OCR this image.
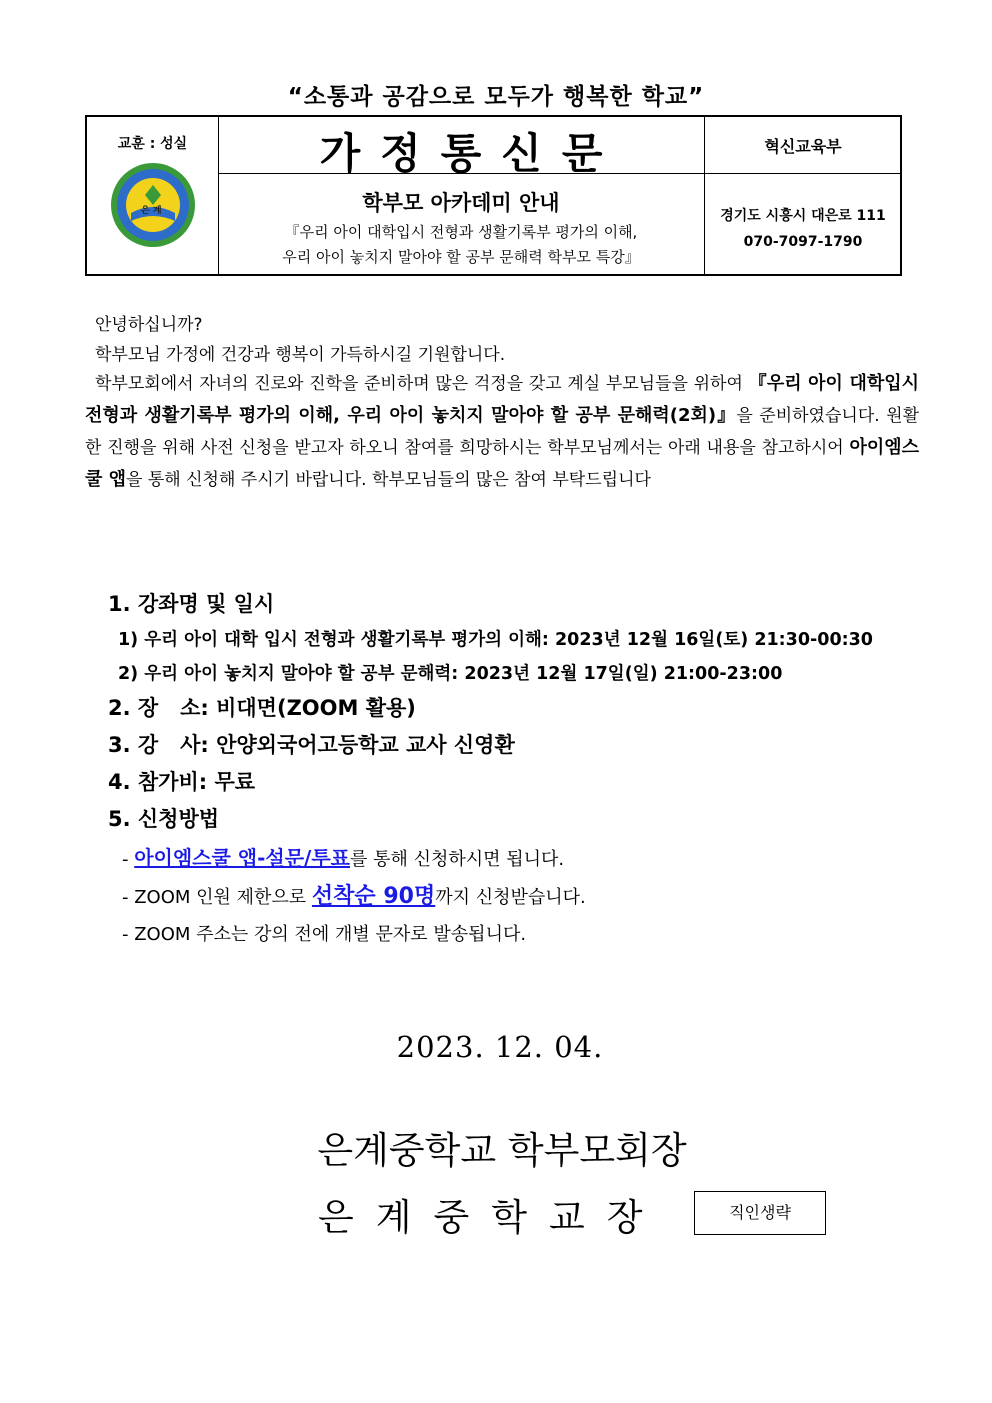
“소통과 공감으로 모두가 행복한 학교”
교훈 : 성실
은 계
가정통신문	혁신교육부
학부모 아카데미 안내
『우리 아이 대학입시 전형과 생활기록부 평가의 이해,
우리 아이 놓치지 말아야 할 공부 문해력 학부모 특강』
경기도 시흥시 대은로 111
070-7097-1790
안녕하십니까?
학부모님 가정에 건강과 행복이 가득하시길 기원합니다.
학부모회에서 자녀의 진로와 진학을 준비하며 많은 걱정을 갖고 계실 부모님들을 위하여 『우리 아이 대학입시 전형과 생활기록부 평가의 이해, 우리 아이 놓치지 말아야 할 공부 문해력(2회)』을 준비하였습니다. 원활한 진행을 위해 사전 신청을 받고자 하오니 참여를 희망하시는 학부모님께서는 아래 내용을 참고하시어 아이엠스쿨 앱을 통해 신청해 주시기 바랍니다. 학부모님들의 많은 참여 부탁드립니다
1. 강좌명 및 일시
1) 우리 아이 대학 입시 전형과 생활기록부 평가의 이해: 2023년 12월 16일(토) 21:30-00:30
2) 우리 아이 놓치지 말아야 할 공부 문해력: 2023년 12월 17일(일) 21:00-23:00
2. 장   소: 비대면(ZOOM 활용)
3. 강   사: 안양외국어고등학교 교사 신영환
4. 참가비: 무료
5. 신청방법
- 아이엠스쿨 앱-설문/투표를 통해 신청하시면 됩니다.
- ZOOM 인원 제한으로 선착순 90명까지 신청받습니다.
- ZOOM 주소는 강의 전에 개별 문자로 발송됩니다.
2023. 12. 04.
은계중학교 학부모회장
은계중학교장	직인생략
